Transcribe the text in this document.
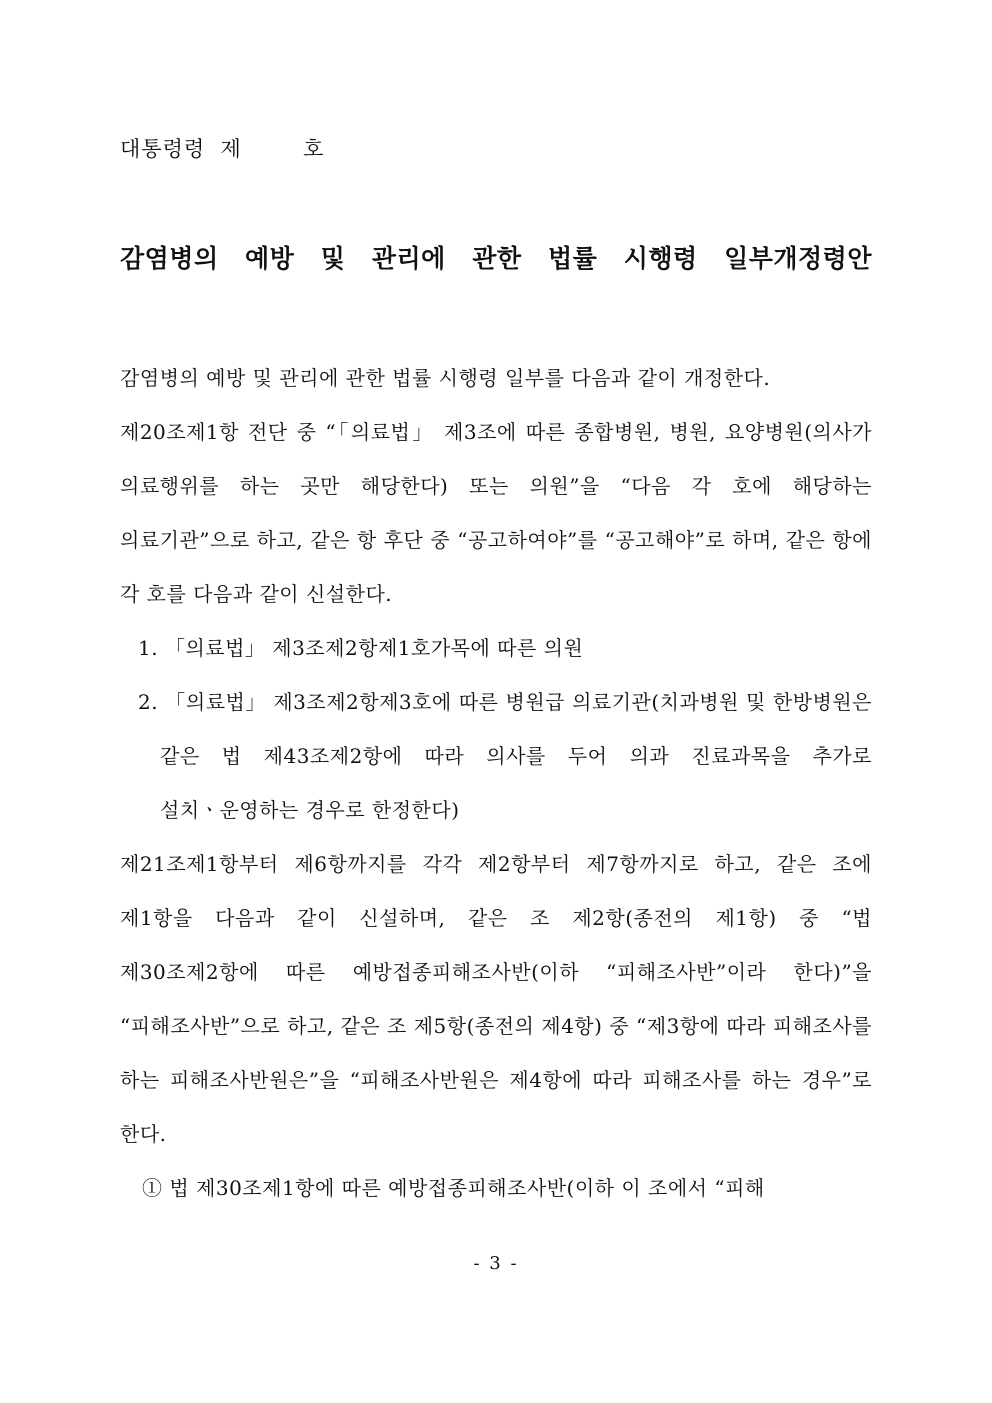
대통령령  제        호
감염병의 예방 및 관리에 관한 법률 시행령 일부개정령안

감염병의 예방 및 관리에 관한 법률 시행령 일부를 다음과 같이 개정한다.

제20조제1항 전단 중 “「의료법」 제3조에 따른 종합병원, 병원, 요양병원(의사가 의료행위를 하는 곳만 해당한다) 또는 의원”을 “다음 각 호에 해당하는 의료기관”으로 하고, 같은 항 후단 중 “공고하여야”를 “공고해야”로 하며, 같은 항에 각 호를 다음과 같이 신설한다.

1. 「의료법」 제3조제2항제1호가목에 따른 의원

2. 「의료법」 제3조제2항제3호에 따른 병원급 의료기관(치과병원 및 한방병원은 같은 법 제43조제2항에 따라 의사를 두어 의과 진료과목을 추가로 설치ㆍ운영하는 경우로 한정한다)

제21조제1항부터 제6항까지를 각각 제2항부터 제7항까지로 하고, 같은 조에 제1항을 다음과 같이 신설하며, 같은 조 제2항(종전의 제1항) 중 “법 제30조제2항에 따른 예방접종피해조사반(이하 “피해조사반”이라 한다)”을 “피해조사반”으로 하고, 같은 조 제5항(종전의 제4항) 중 “제3항에 따라 피해조사를 하는 피해조사반원은”을 “피해조사반원은 제4항에 따라 피해조사를 하는 경우”로 한다.

① 법 제30조제1항에 따른 예방접종피해조사반(이하 이 조에서 “피해

- 3 -
